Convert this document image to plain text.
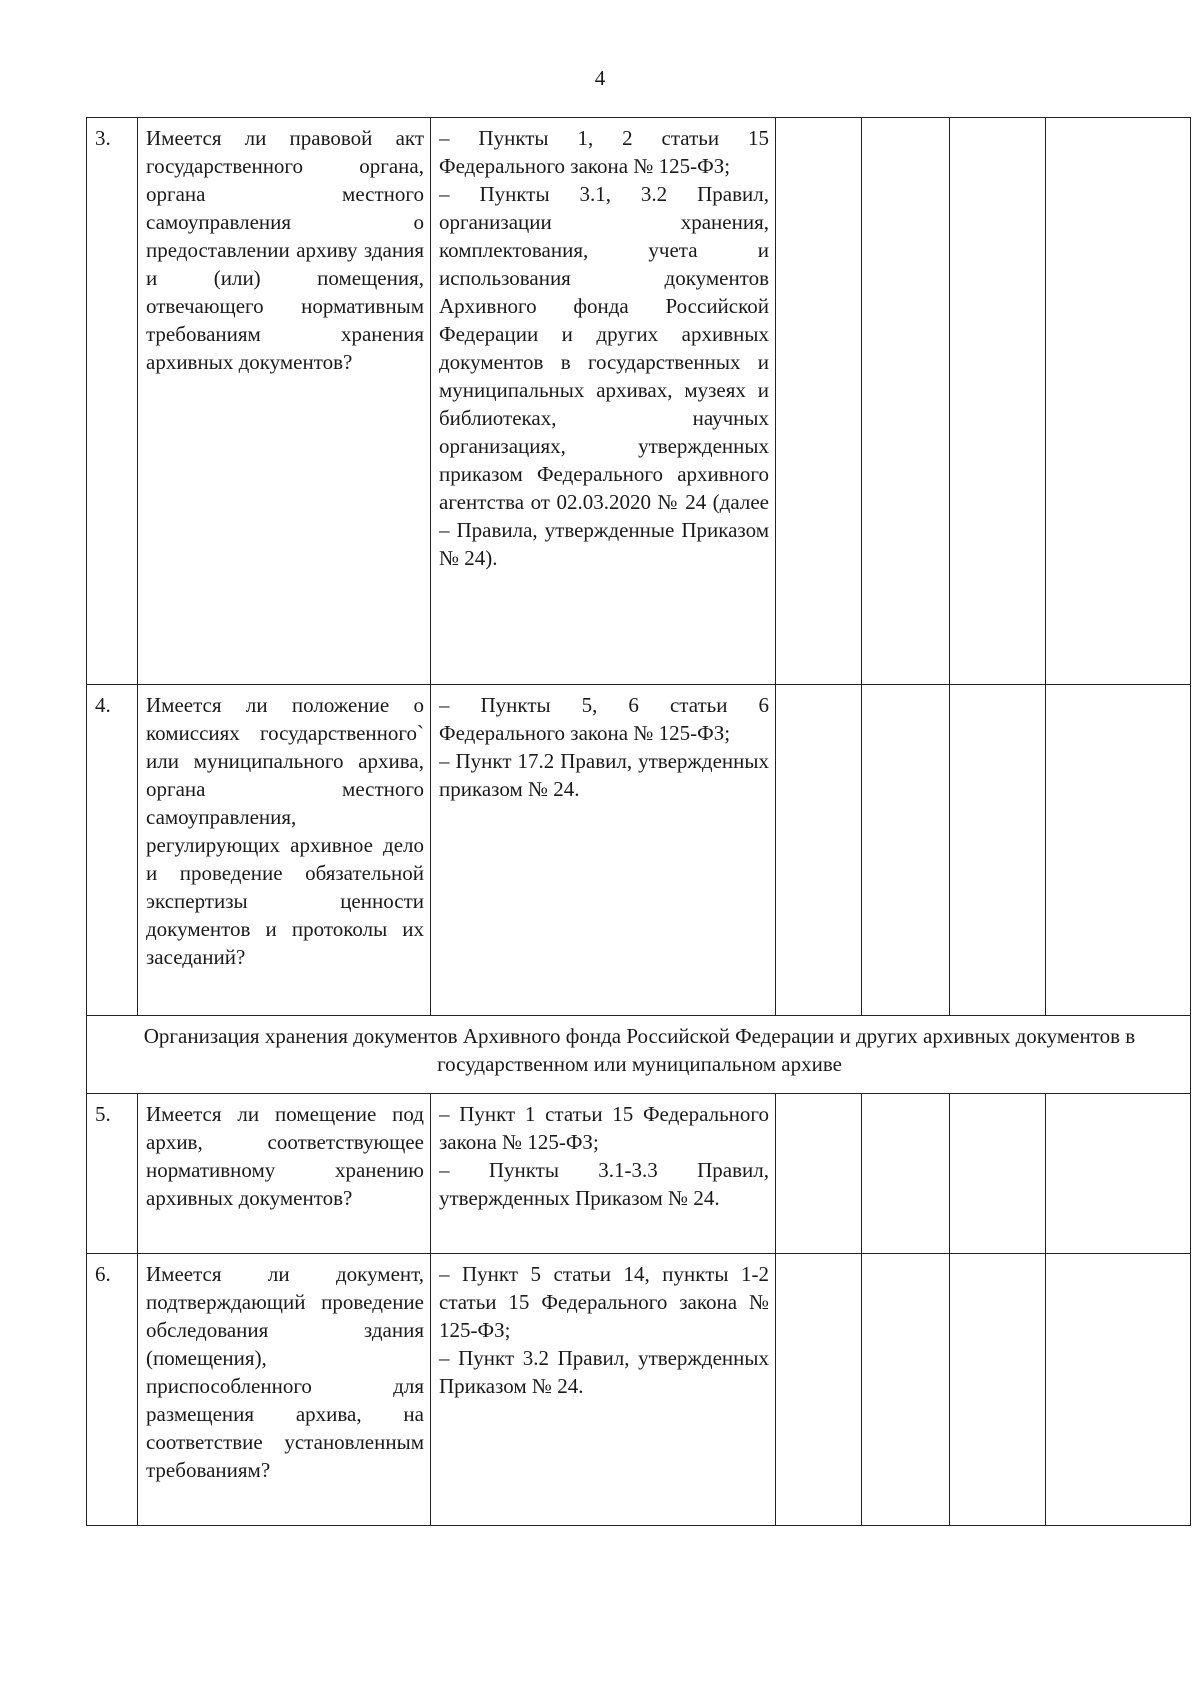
4
3.	Имеется ли правовой акт государственного органа, органа местного самоуправления о предоставлении архиву здания и (или) помещения, отвечающего нормативным требованиям хранения архивных документов?	– Пункты 1, 2 статьи 15 Федерального закона № 125-ФЗ;
– Пункты 3.1, 3.2 Правил, организации хранения, комплектования, учета и использования документов Архивного фонда Российской Федерации и других архивных документов в государственных и муниципальных архивах, музеях и библиотеках, научных организациях, утвержденных приказом Федерального архивного агентства от 02.03.2020 № 24 (далее – Правила, утвержденные Приказом № 24).				

4.	Имеется ли положение о комиссиях государственного` или муниципального архива, органа местного самоуправления, регулирующих архивное дело и проведение обязательной экспертизы ценности документов и протоколы их заседаний?	– Пункты 5, 6 статьи 6 Федерального закона № 125-ФЗ;
– Пункт 17.2 Правил, утвержденных приказом № 24.				

Организация хранения документов Архивного фонда Российской Федерации и других архивных документов в государственном или муниципальном архиве						
5.	Имеется ли помещение под архив, соответствующее нормативному хранению архивных документов?	– Пункт 1 статьи 15 Федерального закона № 125-ФЗ;
– Пункты 3.1-3.3 Правил, утвержденных Приказом № 24.				

6.	Имеется ли документ, подтверждающий проведение обследования здания (помещения), приспособленного для размещения архива, на соответствие установленным требованиям?	– Пункт 5 статьи 14, пункты 1-2 статьи 15 Федерального закона № 125-ФЗ;
– Пункт 3.2 Правил, утвержденных Приказом № 24.				
